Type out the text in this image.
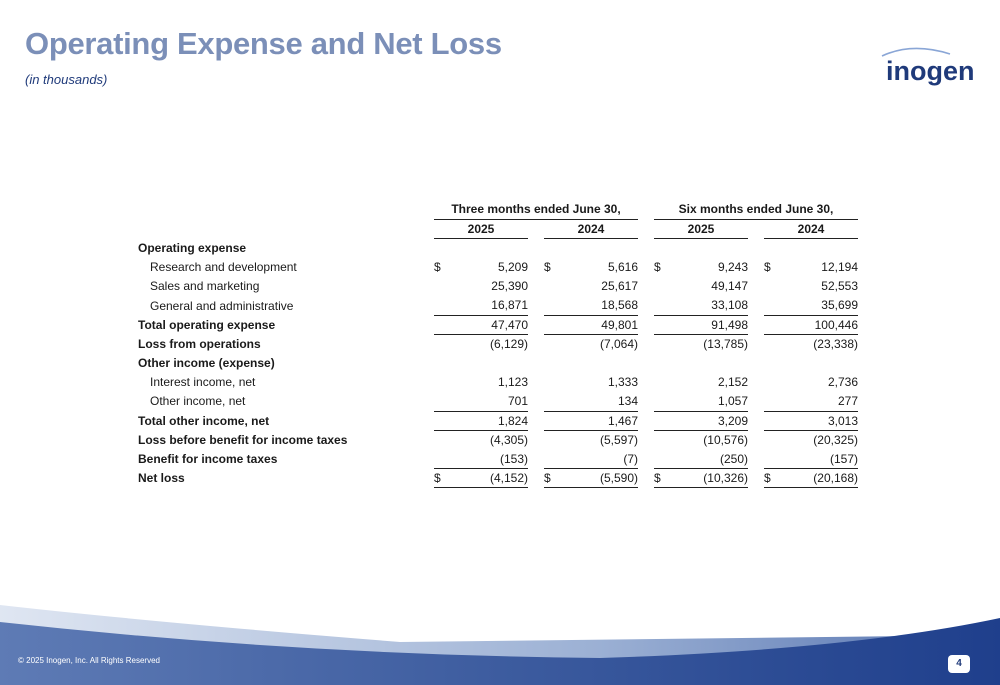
Operating Expense and Net Loss
(in thousands)	inogen
		Three months ended June 30,						Six months ended June 30,				
		2025			2024			2025			2024	
Operating expense												
Research and development		$	5,209		$	5,616		$	9,243		$	12,194
Sales and marketing			25,390			25,617			49,147			52,553
General and administrative			16,871			18,568			33,108			35,699
Total operating expense			47,470			49,801			91,498			100,446
Loss from operations			(6,129)			(7,064)			(13,785)			(23,338)
Other income (expense)												
Interest income, net			1,123			1,333			2,152			2,736
Other income, net			701			134			1,057			277
Total other income, net			1,824			1,467			3,209			3,013
Loss before benefit for income taxes			(4,305)			(5,597)			(10,576)			(20,325)
Benefit for income taxes			(153)			(7)			(250)			(157)
Net loss		$	(4,152)		$	(5,590)		$	(10,326)		$	(20,168)
© 2025 Inogen, Inc. All Rights Reserved	4
